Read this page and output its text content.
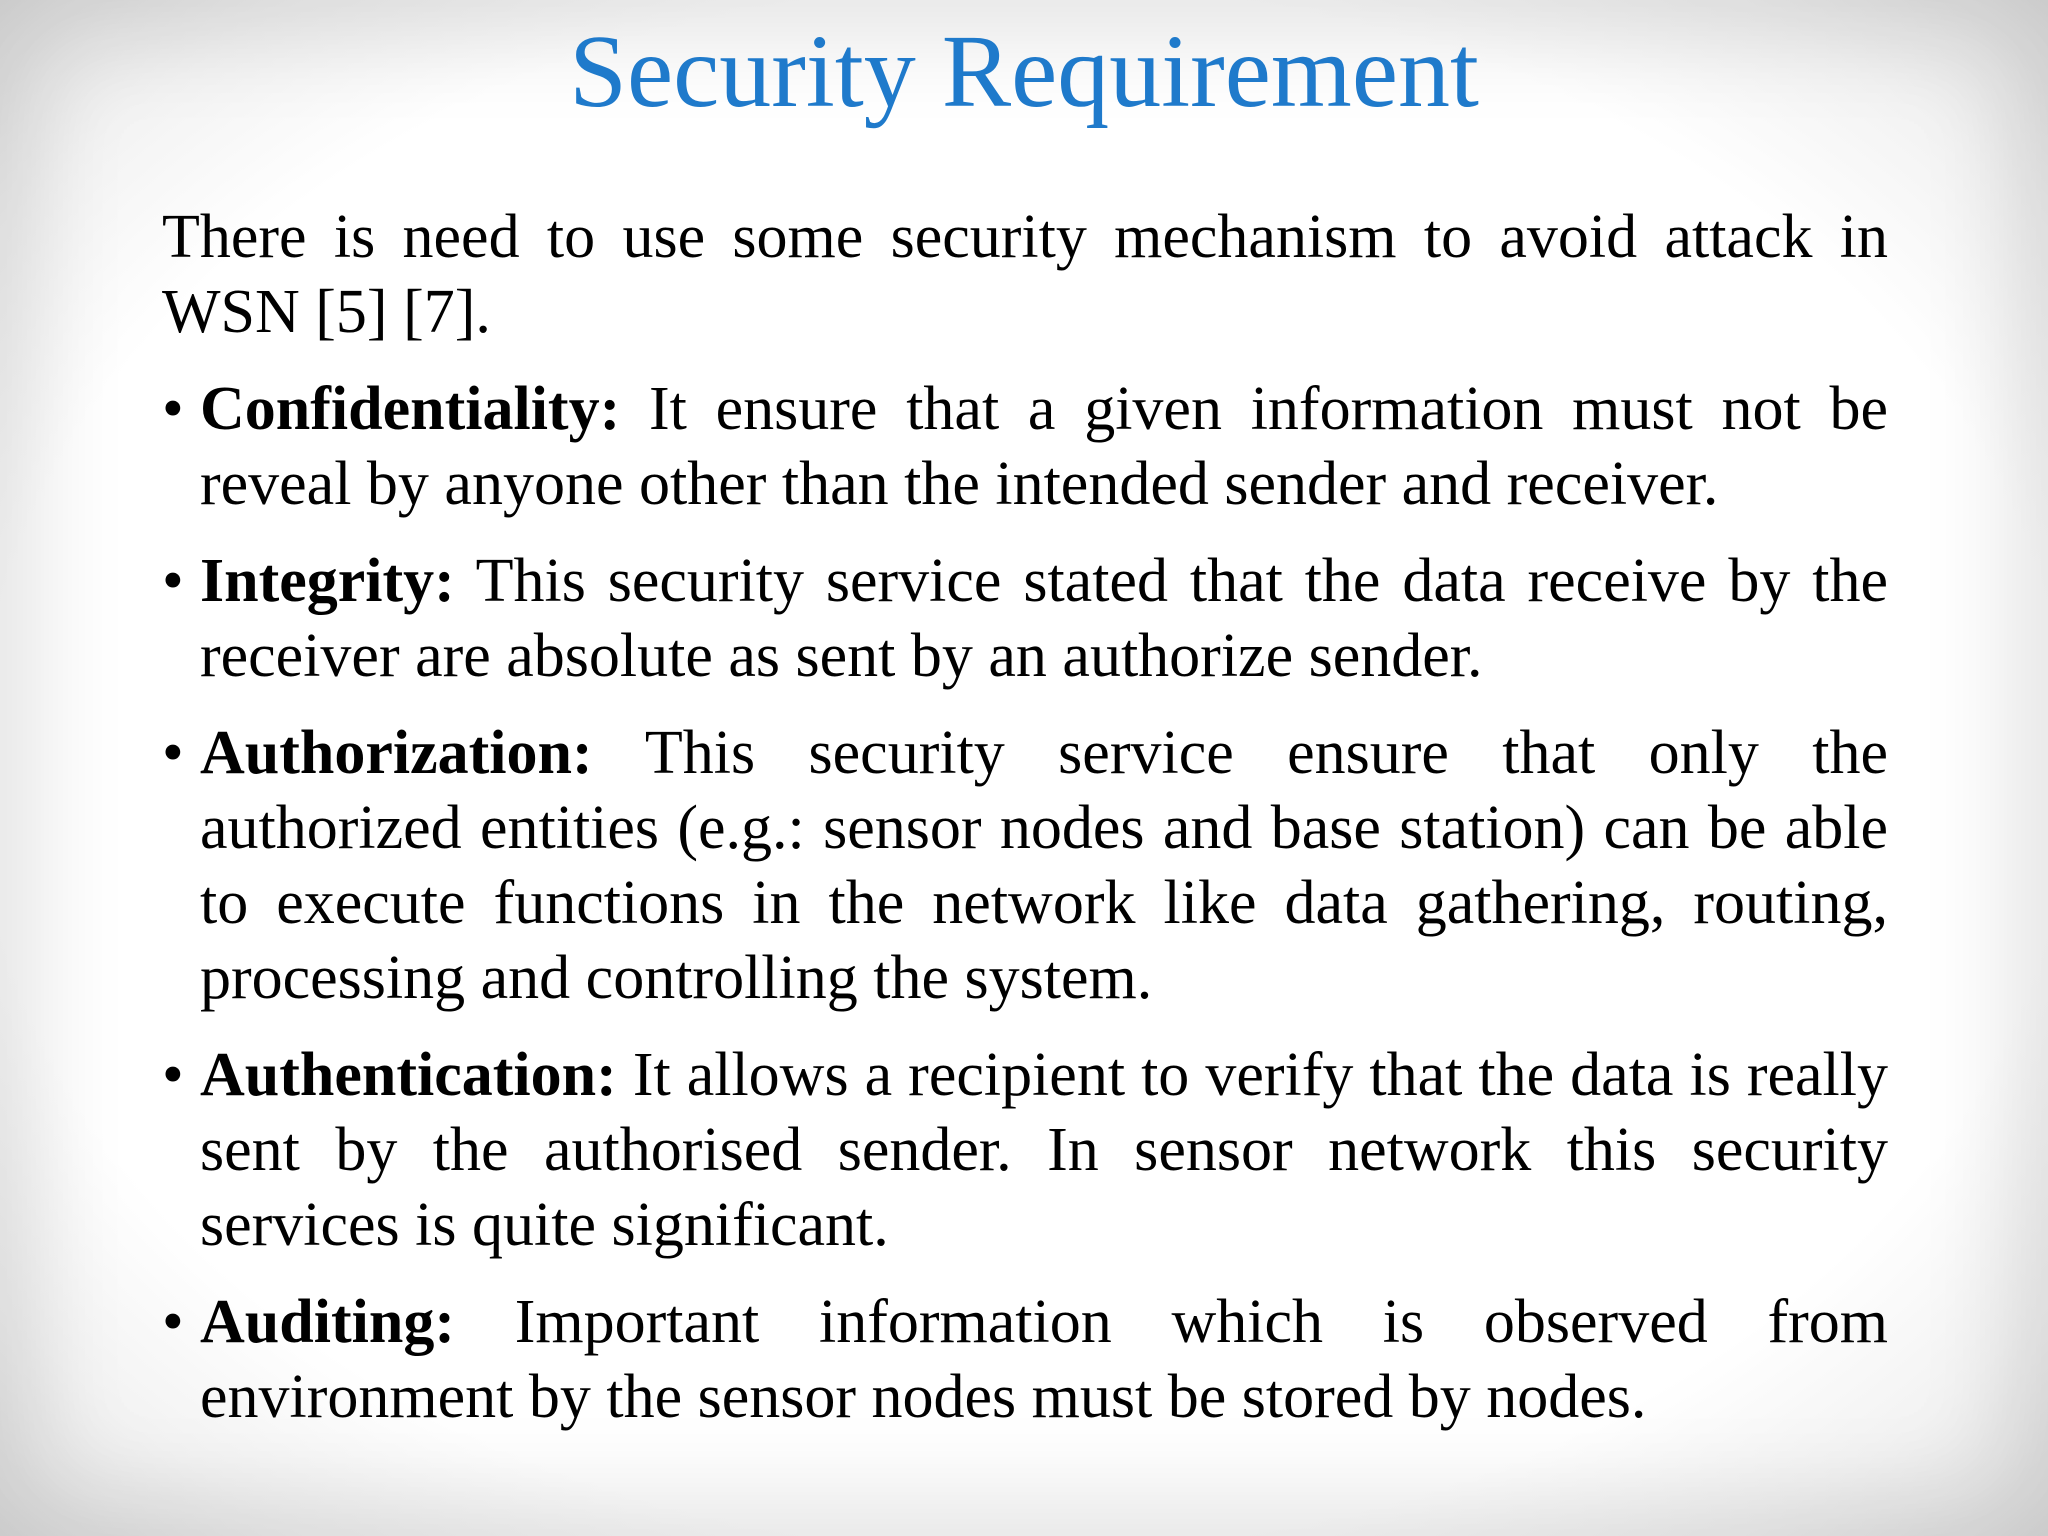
Security Requirement

There is need to use some security mechanism to avoid attack in WSN [5] [7].

• Confidentiality: It ensure that a given information must not be reveal by anyone other than the intended sender and receiver.
• Integrity: This security service stated that the data receive by the receiver are absolute as sent by an authorize sender.
• Authorization: This security service ensure that only the authorized entities (e.g.: sensor nodes and base station) can be able to execute functions in the network like data gathering, routing, processing and controlling the system.
• Authentication: It allows a recipient to verify that the data is really sent by the authorised sender. In sensor network this security services is quite significant.
• Auditing: Important information which is observed from environment by the sensor nodes must be stored by nodes.
